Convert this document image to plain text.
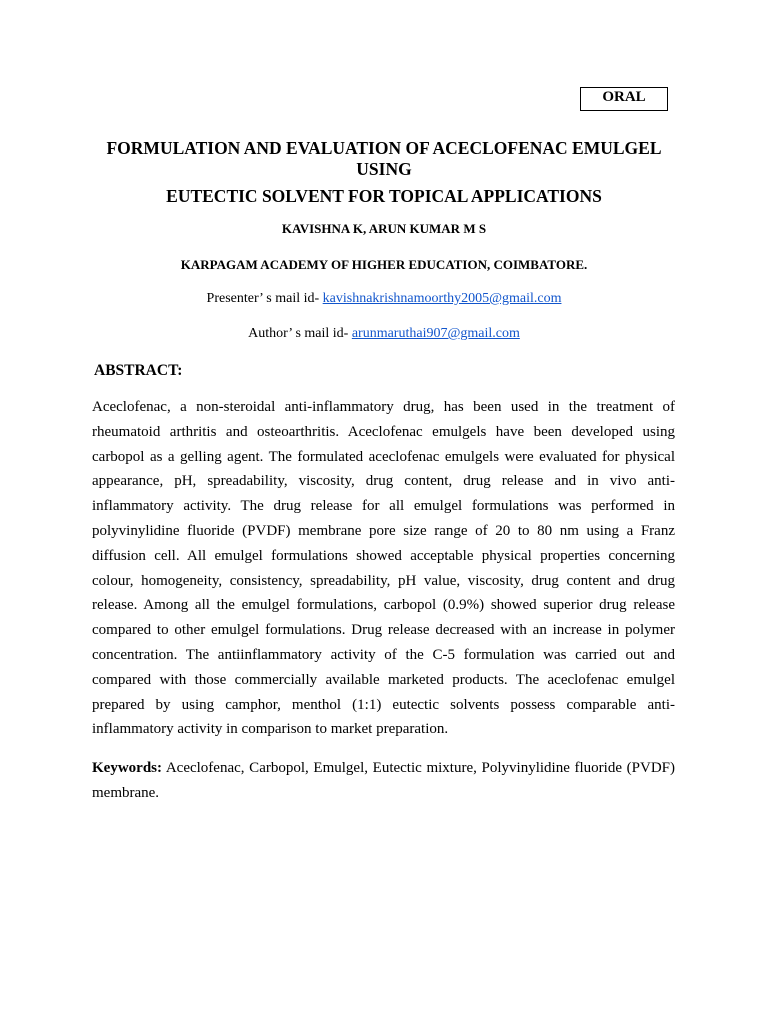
ORAL
FORMULATION AND EVALUATION OF ACECLOFENAC EMULGEL USING
EUTECTIC SOLVENT FOR TOPICAL APPLICATIONS

KAVISHNA K, ARUN KUMAR M S

KARPAGAM ACADEMY OF HIGHER EDUCATION, COIMBATORE.

Presenter’ s mail id- kavishnakrishnamoorthy2005@gmail.com

Author’ s mail id- arunmaruthai907@gmail.com

ABSTRACT:

Aceclofenac, a non-steroidal anti-inflammatory drug, has been used in the treatment of rheumatoid arthritis and osteoarthritis. Aceclofenac emulgels have been developed using carbopol as a gelling agent. The formulated aceclofenac emulgels were evaluated for physical appearance, pH, spreadability, viscosity, drug content, drug release and in vivo anti-inflammatory activity. The drug release for all emulgel formulations was performed in polyvinylidine fluoride (PVDF) membrane pore size range of 20 to 80 nm using a Franz diffusion cell. All emulgel formulations showed acceptable physical properties concerning colour, homogeneity, consistency, spreadability, pH value, viscosity, drug content and drug release. Among all the emulgel formulations, carbopol (0.9%) showed superior drug release compared to other emulgel formulations. Drug release decreased with an increase in polymer concentration. The antiinflammatory activity of the C-5 formulation was carried out and compared with those commercially available marketed products. The aceclofenac emulgel prepared by using camphor, menthol (1:1) eutectic solvents possess comparable anti-inflammatory activity in comparison to market preparation.

Keywords: Aceclofenac, Carbopol, Emulgel, Eutectic mixture, Polyvinylidine fluoride (PVDF) membrane.
